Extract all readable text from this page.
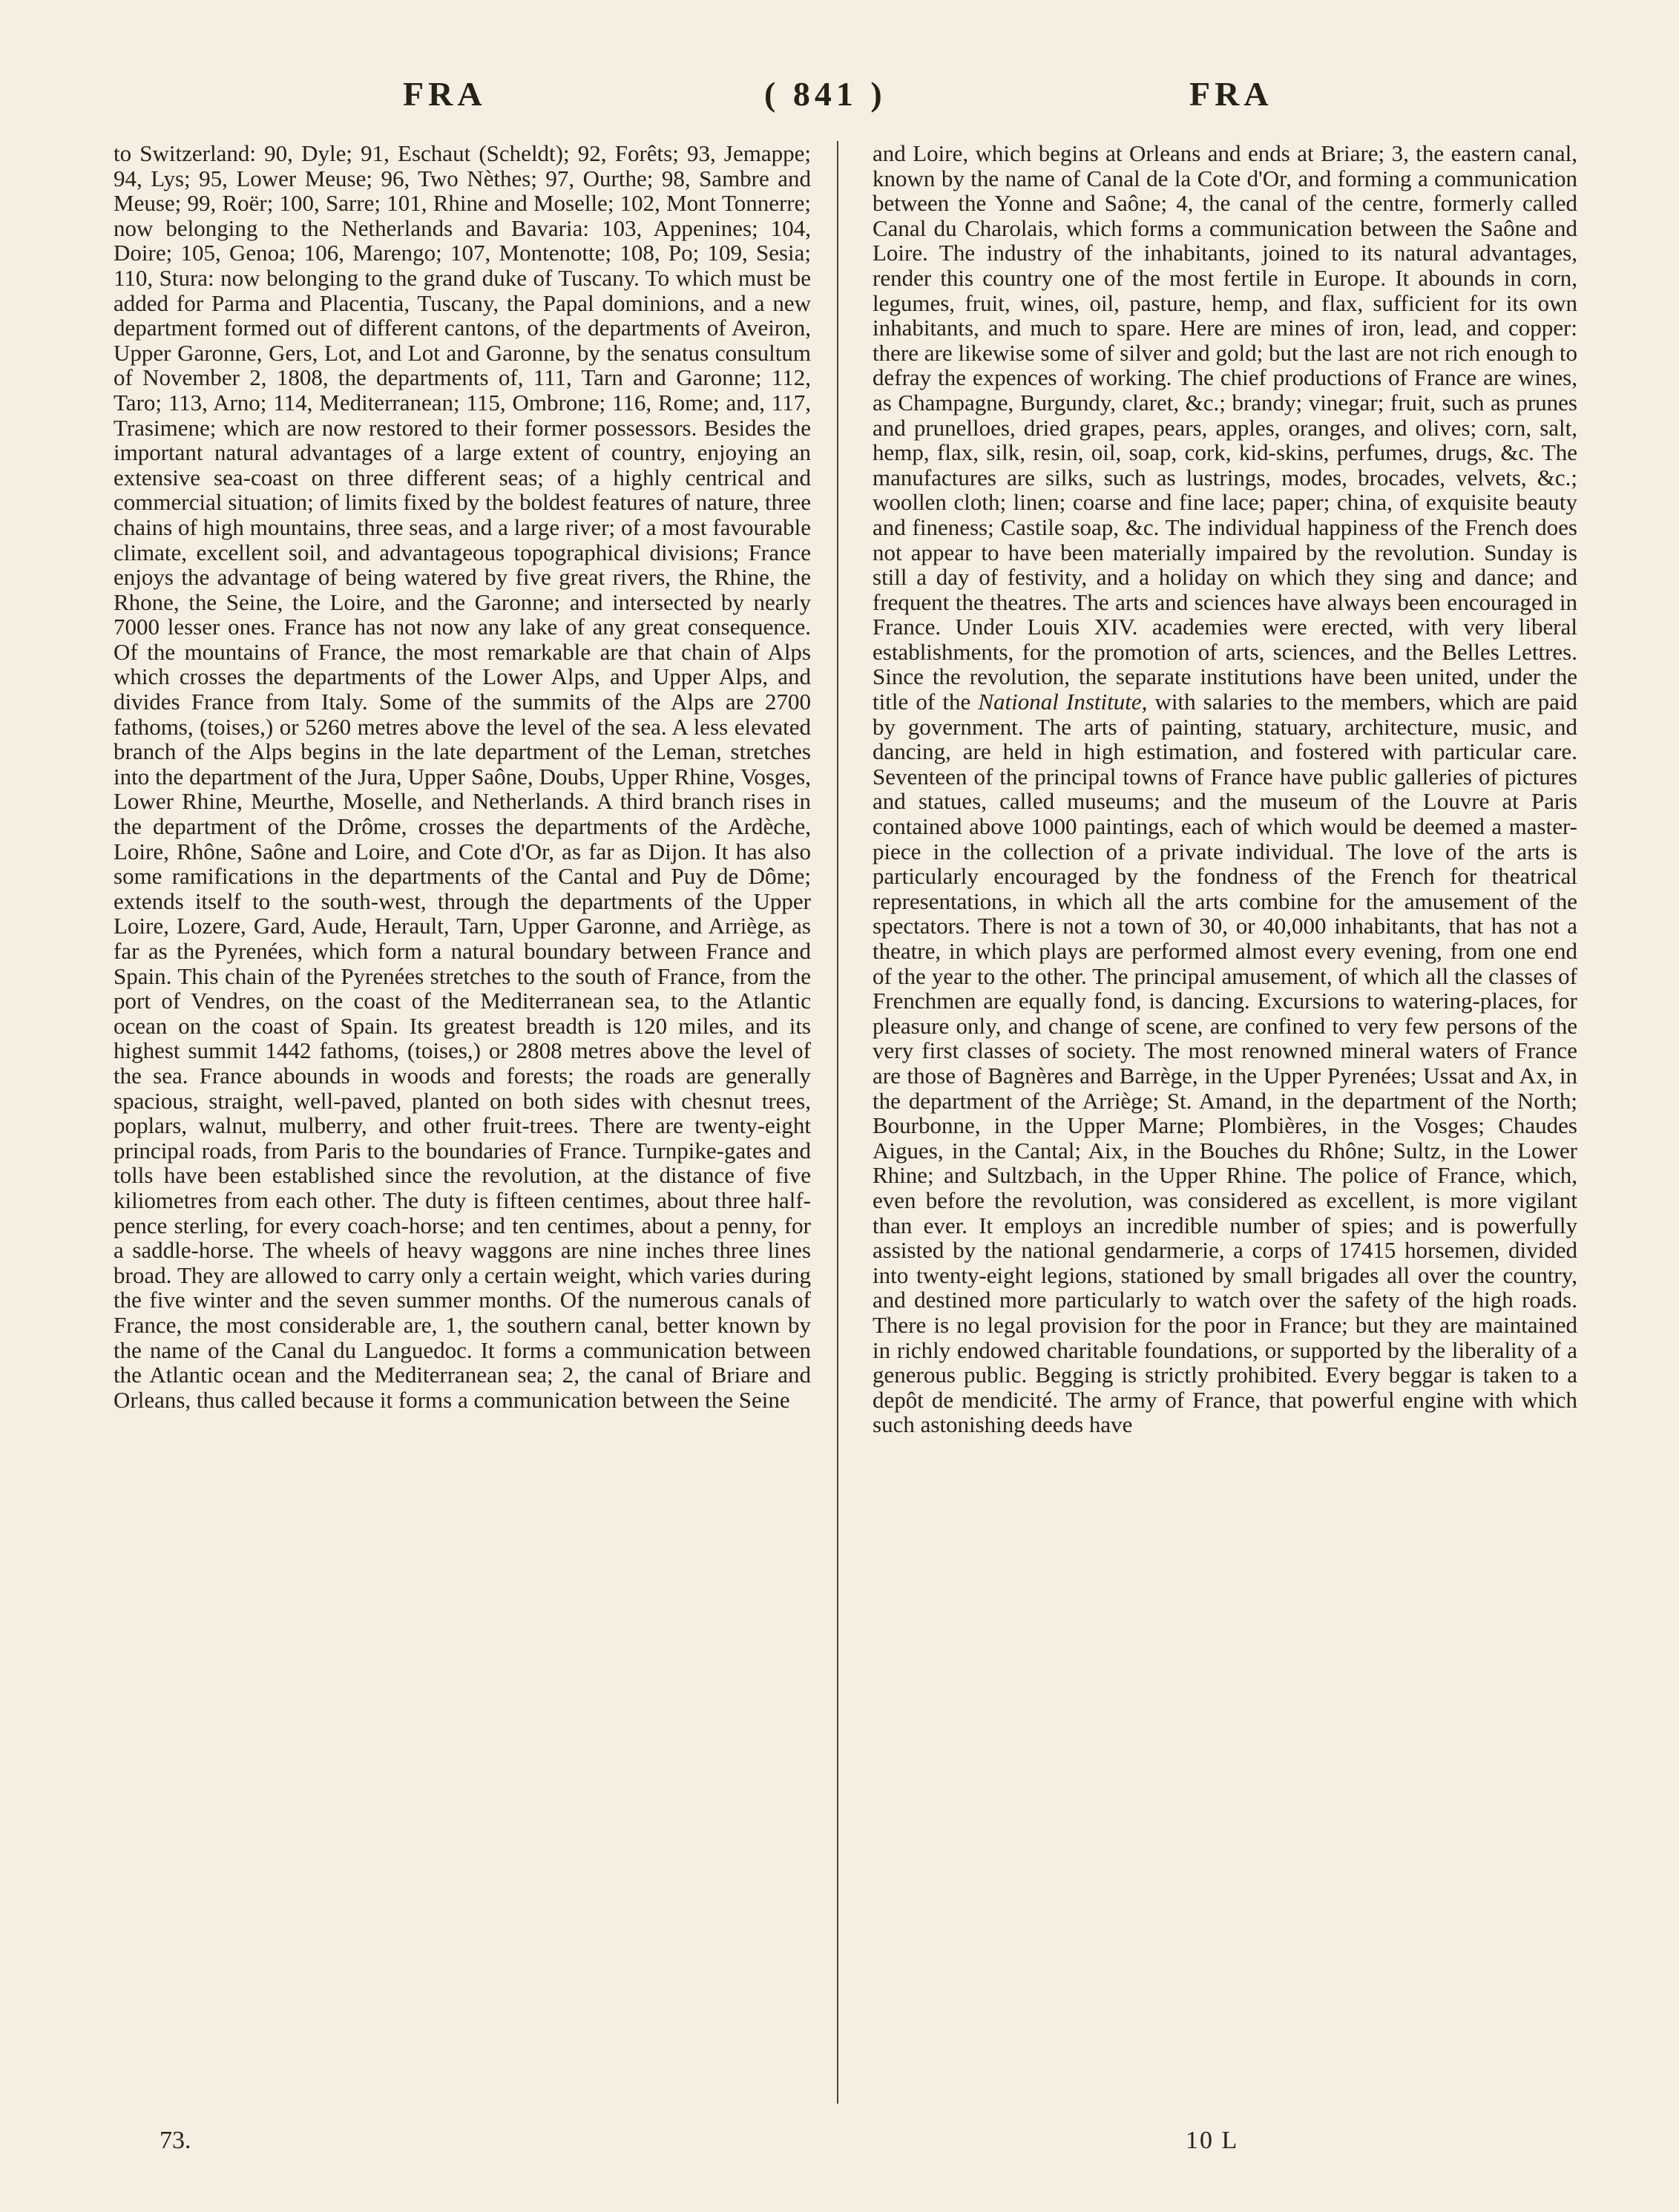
FRA	( 841 )	FRA

to Switzerland: 90, Dyle; 91, Eschaut (Scheldt); 92, Forêts; 93, Jemappe; 94, Lys; 95, Lower Meuse; 96, Two Nèthes; 97, Ourthe; 98, Sambre and Meuse; 99, Roër; 100, Sarre; 101, Rhine and Moselle; 102, Mont Tonnerre; now belonging to the Netherlands and Bavaria: 103, Appenines; 104, Doire; 105, Genoa; 106, Marengo; 107, Montenotte; 108, Po; 109, Sesia; 110, Stura: now belonging to the grand duke of Tuscany. To which must be added for Parma and Placentia, Tuscany, the Papal dominions, and a new department formed out of different cantons, of the departments of Aveiron, Upper Garonne, Gers, Lot, and Lot and Garonne, by the senatus consultum of November 2, 1808, the departments of, 111, Tarn and Garonne; 112, Taro; 113, Arno; 114, Mediterranean; 115, Ombrone; 116, Rome; and, 117, Trasimene; which are now restored to their former possessors. Besides the important natural advantages of a large extent of country, enjoying an extensive sea-coast on three different seas; of a highly centrical and commercial situation; of limits fixed by the boldest features of nature, three chains of high mountains, three seas, and a large river; of a most favourable climate, excellent soil, and advantageous topographical divisions; France enjoys the advantage of being watered by five great rivers, the Rhine, the Rhone, the Seine, the Loire, and the Garonne; and intersected by nearly 7000 lesser ones. France has not now any lake of any great consequence. Of the mountains of France, the most remarkable are that chain of Alps which crosses the departments of the Lower Alps, and Upper Alps, and divides France from Italy. Some of the summits of the Alps are 2700 fathoms, (toises,) or 5260 metres above the level of the sea. A less elevated branch of the Alps begins in the late department of the Leman, stretches into the department of the Jura, Upper Saône, Doubs, Upper Rhine, Vosges, Lower Rhine, Meurthe, Moselle, and Netherlands. A third branch rises in the department of the Drôme, crosses the departments of the Ardèche, Loire, Rhône, Saône and Loire, and Cote d'Or, as far as Dijon. It has also some ramifications in the departments of the Cantal and Puy de Dôme; extends itself to the south-west, through the departments of the Upper Loire, Lozere, Gard, Aude, Herault, Tarn, Upper Garonne, and Arriège, as far as the Pyrenées, which form a natural boundary between France and Spain. This chain of the Pyrenées stretches to the south of France, from the port of Vendres, on the coast of the Mediterranean sea, to the Atlantic ocean on the coast of Spain. Its greatest breadth is 120 miles, and its highest summit 1442 fathoms, (toises,) or 2808 metres above the level of the sea. France abounds in woods and forests; the roads are generally spacious, straight, well-paved, planted on both sides with chesnut trees, poplars, walnut, mulberry, and other fruit-trees. There are twenty-eight principal roads, from Paris to the boundaries of France. Turnpike-gates and tolls have been established since the revolution, at the distance of five kiliometres from each other. The duty is fifteen centimes, about three half-pence sterling, for every coach-horse; and ten centimes, about a penny, for a saddle-horse. The wheels of heavy waggons are nine inches three lines broad. They are allowed to carry only a certain weight, which varies during the five winter and the seven summer months. Of the numerous canals of France, the most considerable are, 1, the southern canal, better known by the name of the Canal du Languedoc. It forms a communication between the Atlantic ocean and the Mediterranean sea; 2, the canal of Briare and Orleans, thus called because it forms a communication between the Seine

and Loire, which begins at Orleans and ends at Briare; 3, the eastern canal, known by the name of Canal de la Cote d'Or, and forming a communication between the Yonne and Saône; 4, the canal of the centre, formerly called Canal du Charolais, which forms a communication between the Saône and Loire. The industry of the inhabitants, joined to its natural advantages, render this country one of the most fertile in Europe. It abounds in corn, legumes, fruit, wines, oil, pasture, hemp, and flax, sufficient for its own inhabitants, and much to spare. Here are mines of iron, lead, and copper: there are likewise some of silver and gold; but the last are not rich enough to defray the expences of working. The chief productions of France are wines, as Champagne, Burgundy, claret, &c.; brandy; vinegar; fruit, such as prunes and prunelloes, dried grapes, pears, apples, oranges, and olives; corn, salt, hemp, flax, silk, resin, oil, soap, cork, kid-skins, perfumes, drugs, &c. The manufactures are silks, such as lustrings, modes, brocades, velvets, &c.; woollen cloth; linen; coarse and fine lace; paper; china, of exquisite beauty and fineness; Castile soap, &c. The individual happiness of the French does not appear to have been materially impaired by the revolution. Sunday is still a day of festivity, and a holiday on which they sing and dance; and frequent the theatres. The arts and sciences have always been encouraged in France. Under Louis XIV. academies were erected, with very liberal establishments, for the promotion of arts, sciences, and the Belles Lettres. Since the revolution, the separate institutions have been united, under the title of the National Institute, with salaries to the members, which are paid by government. The arts of painting, statuary, architecture, music, and dancing, are held in high estimation, and fostered with particular care. Seventeen of the principal towns of France have public galleries of pictures and statues, called museums; and the museum of the Louvre at Paris contained above 1000 paintings, each of which would be deemed a master-piece in the collection of a private individual. The love of the arts is particularly encouraged by the fondness of the French for theatrical representations, in which all the arts combine for the amusement of the spectators. There is not a town of 30, or 40,000 inhabitants, that has not a theatre, in which plays are performed almost every evening, from one end of the year to the other. The principal amusement, of which all the classes of Frenchmen are equally fond, is dancing. Excursions to watering-places, for pleasure only, and change of scene, are confined to very few persons of the very first classes of society. The most renowned mineral waters of France are those of Bagnères and Barrège, in the Upper Pyrenées; Ussat and Ax, in the department of the Arriège; St. Amand, in the department of the North; Bourbonne, in the Upper Marne; Plombières, in the Vosges; Chaudes Aigues, in the Cantal; Aix, in the Bouches du Rhône; Sultz, in the Lower Rhine; and Sultzbach, in the Upper Rhine. The police of France, which, even before the revolution, was considered as excellent, is more vigilant than ever. It employs an incredible number of spies; and is powerfully assisted by the national gendarmerie, a corps of 17415 horsemen, divided into twenty-eight legions, stationed by small brigades all over the country, and destined more particularly to watch over the safety of the high roads. There is no legal provision for the poor in France; but they are maintained in richly endowed charitable foundations, or supported by the liberality of a generous public. Begging is strictly prohibited. Every beggar is taken to a depôt de mendicité. The army of France, that powerful engine with which such astonishing deeds have

73.	10 L
